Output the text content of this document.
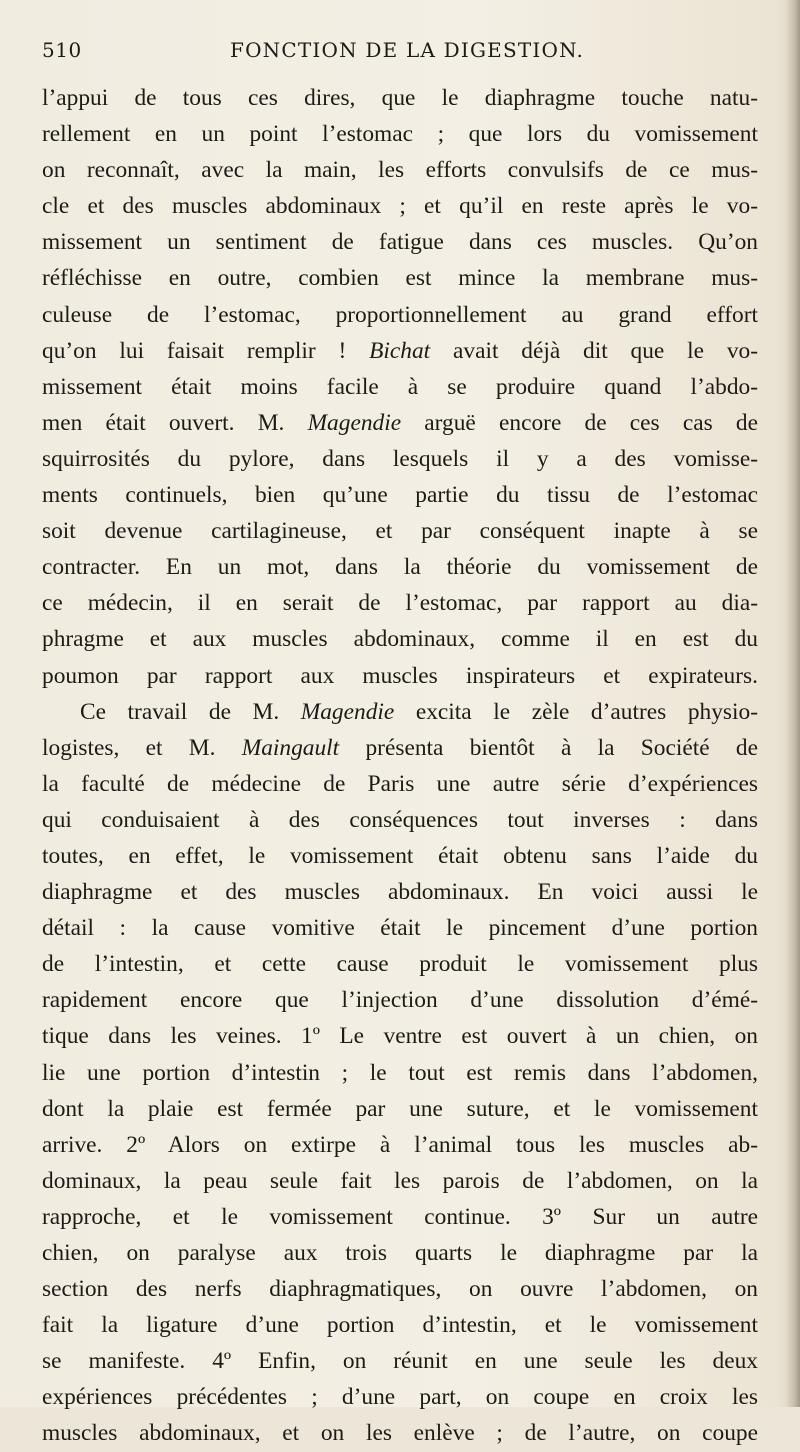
510	FONCTION DE LA DIGESTION.
l’appui de tous ces dires, que le diaphragme touche natu-
rellement en un point l’estomac ; que lors du vomissement
on reconnaît, avec la main, les efforts convulsifs de ce mus-
cle et des muscles abdominaux ; et qu’il en reste après le vo-
missement un sentiment de fatigue dans ces muscles. Qu’on
réfléchisse en outre, combien est mince la membrane mus-
culeuse de l’estomac, proportionnellement au grand effort
qu’on lui faisait remplir ! Bichat avait déjà dit que le vo-
missement était moins facile à se produire quand l’abdo-
men était ouvert. M. Magendie arguë encore de ces cas de
squirrosités du pylore, dans lesquels il y a des vomisse-
ments continuels, bien qu’une partie du tissu de l’estomac
soit devenue cartilagineuse, et par conséquent inapte à se
contracter. En un mot, dans la théorie du vomissement de
ce médecin, il en serait de l’estomac, par rapport au dia-
phragme et aux muscles abdominaux, comme il en est du
poumon par rapport aux muscles inspirateurs et expirateurs.
Ce travail de M. Magendie excita le zèle d’autres physio-
logistes, et M. Maingault présenta bientôt à la Société de
la faculté de médecine de Paris une autre série d’expériences
qui conduisaient à des conséquences tout inverses : dans
toutes, en effet, le vomissement était obtenu sans l’aide du
diaphragme et des muscles abdominaux. En voici aussi le
détail : la cause vomitive était le pincement d’une portion
de l’intestin, et cette cause produit le vomissement plus
rapidement encore que l’injection d’une dissolution d’émé-
tique dans les veines. 1º Le ventre est ouvert à un chien, on
lie une portion d’intestin ; le tout est remis dans l’abdomen,
dont la plaie est fermée par une suture, et le vomissement
arrive. 2º Alors on extirpe à l’animal tous les muscles ab-
dominaux, la peau seule fait les parois de l’abdomen, on la
rapproche, et le vomissement continue. 3º Sur un autre
chien, on paralyse aux trois quarts le diaphragme par la
section des nerfs diaphragmatiques, on ouvre l’abdomen, on
fait la ligature d’une portion d’intestin, et le vomissement
se manifeste. 4º Enfin, on réunit en une seule les deux
expériences précédentes ; d’une part, on coupe en croix les
muscles abdominaux, et on les enlève ; de l’autre, on coupe
